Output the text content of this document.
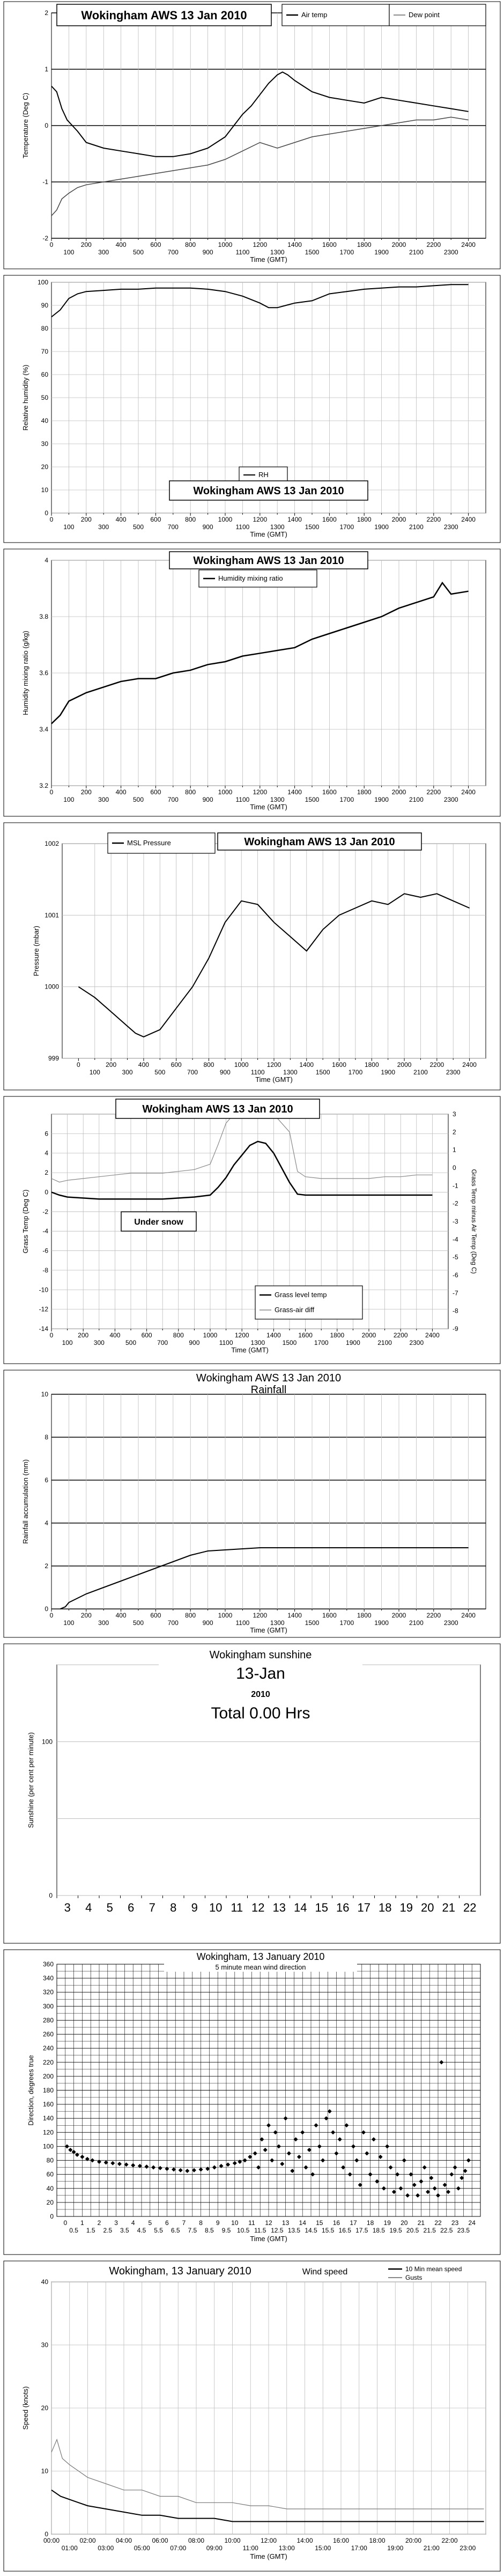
-2
-1
0
1
2
0	200	400	600	800	1000	1200	1400	1600	1800	2000	2200	2400
100	300	500	700	900	1100	1300	1500	1700	1900	2100	2300
Time (GMT)
Temperature (Deg C)
Wokingham AWS 13 Jan 2010	Air temp	Dew point
0
10
20
30
40
50
60
70
80
90
100
0	200	400	600	800	1000	1200	1400	1600	1800	2000	2200	2400
100	300	500	700	900	1100	1300	1500	1700	1900	2100	2300
Time (GMT)
Relative humidity (%)
RH
Wokingham AWS 13 Jan 2010
3.2
3.4
3.6
3.8
4
0	200	400	600	800	1000	1200	1400	1600	1800	2000	2200	2400
100	300	500	700	900	1100	1300	1500	1700	1900	2100	2300
Time (GMT)
Humidity mixing ratio (g/kg)
Wokingham AWS 13 Jan 2010
Humidity mixing ratio
999
1000
1001
1002
0	200	400	600	800	1000	1200	1400	1600	1800	2000	2200	2400
100	300	500	700	900	1100	1300	1500	1700	1900	2100	2300
Time (GMT)
Pressure (mbar)
MSL Pressure	Wokingham AWS 13 Jan 2010
-14
-12
-10
-8
-6
-4
-2
0
2
4
6
0	200	400	600	800	1000	1200	1400	1600	1800	2000	2200	2400
100	300	500	700	900	1100	1300	1500	1700	1900	2100	2300
Time (GMT)
Grass Temp (Deg C)
-9
-8
-7
-6
-5
-4
-3
-2
-1
0
1
2
3
Grass Temp minus Air Temp (Deg C)
Wokingham AWS 13 Jan 2010
Under snow
Grass level temp
Grass-air diff
0
2
4
6
8
10
0	200	400	600	800	1000	1200	1400	1600	1800	2000	2200	2400
100	300	500	700	900	1100	1300	1500	1700	1900	2100	2300
Time (GMT)
Rainfall accumulation (mm)
Wokingham AWS 13 Jan 2010
Rainfall
0
100
3 4 5 6 7 8 9 10 11 12 13 14 15 16 17 18 19 20 21 22
Sunshine (per cent per minute)
Wokingham sunshine
13-Jan
2010
Total 0.00 Hrs
0
20
40
60
80
100
120
140
160
180
200
220
240
260
280
300
320
340
360
0 1 2 3 4 5 6 7 8 9 10 11 12 13 14 15 16 17 18 19 20 21 22 23 24
0.5 1.5 2.5 3.5 4.5 5.5 6.5 7.5 8.5 9.5 10.5 11.5 12.5 13.5 14.5 15.5 16.5 17.5 18.5 19.5 20.5 21.5 22.5 23.5
Time (GMT)
Direction, degrees true
Wokingham, 13 January 2010
5 minute mean wind direction
0
10
20
30
40
00:00	02:00	04:00	06:00	08:00	10:00	12:00	14:00	16:00	18:00	20:00	22:00
01:00	03:00	05:00	07:00	09:00	11:00	13:00	15:00	17:00	19:00	21:00	23:00
Time (GMT)
Speed (knots)
Wokingham, 13 January 2010	Wind speed	10 Min mean speed
Gusts
